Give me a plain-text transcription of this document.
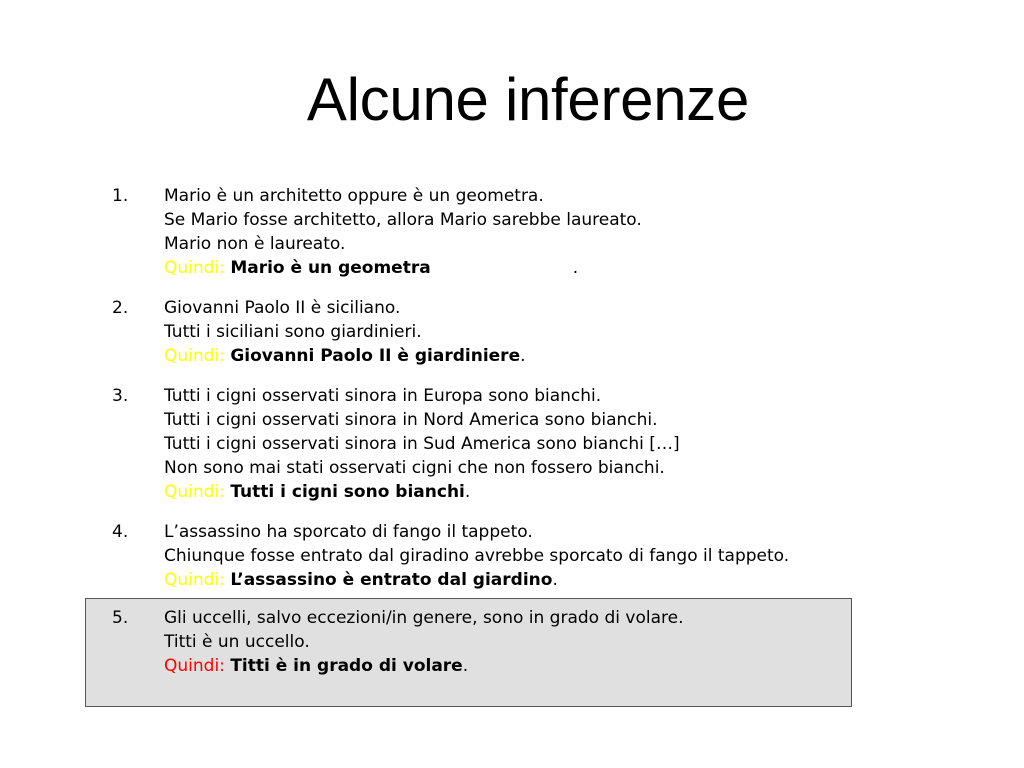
Alcune inferenze
1. Mario è un architetto oppure è un geometra.
Se Mario fosse architetto, allora Mario sarebbe laureato.
Mario non è laureato.
Quindi: Mario è un geometra	.
2. Giovanni Paolo II è siciliano.
Tutti i siciliani sono giardinieri.
Quindi: Giovanni Paolo II è giardiniere.
3. Tutti i cigni osservati sinora in Europa sono bianchi.
Tutti i cigni osservati sinora in Nord America sono bianchi.
Tutti i cigni osservati sinora in Sud America sono bianchi […]
Non sono mai stati osservati cigni che non fossero bianchi.
Quindi: Tutti i cigni sono bianchi.
4. L’assassino ha sporcato di fango il tappeto.
Chiunque fosse entrato dal giradino avrebbe sporcato di fango il tappeto.
Quindi: L’assassino è entrato dal giardino.
5. Gli uccelli, salvo eccezioni/in genere, sono in grado di volare.
Titti è un uccello.
Quindi: Titti è in grado di volare.
